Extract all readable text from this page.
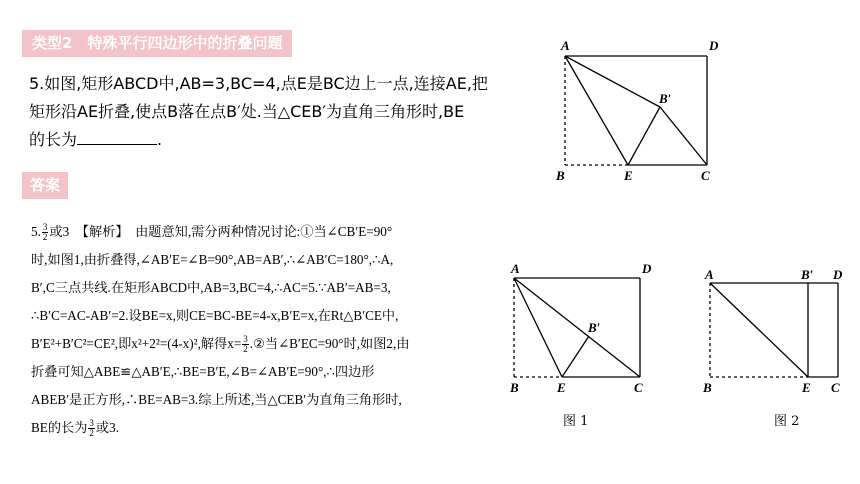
类型2　特殊平行四边形中的折叠问题
5.如图,矩形ABCD中,AB=3,BC=4,点E是BC边上一点,连接AE,把
矩形沿AE折叠,使点B落在点B′处.当△CEB′为直角三角形时,BE
的长为	.
答案
5. $\frac{3}{2}$ 或3　【解析】　由题意知,需分两种情况讨论:①当∠CB′E=90°
时,如图1,由折叠得,∠AB′E=∠B=90°,AB=AB′,∴∠AB′C=180°,∴A,
B′,C三点共线.在矩形ABCD中,AB=3,BC=4,∴AC=5.∵AB′=AB=3,
∴B′C=AC-AB′=2.设BE=x,则CE=BC-BE=4-x,B′E=x,在Rt△B′CE中,
B′E²+B′C²=CE²,即x²+2²=(4-x)²,解得$x= \frac{3}{2}$ .②当∠B′EC=90°时,如图2,由
折叠可知△ABE≌△AB′E,∴BE=B′E,∠B=∠AB′E=90°,∴四边形
ABEB′是正方形,∴BE=AB=3.综上所述,当△CEB′为直角三角形时,
BE的长为 $\frac{3}{2}$ 或3.
A	D
B	E	C
B′
A	D
B	E	C
B′
图 1
A	D
B	E C
B′
图 2
